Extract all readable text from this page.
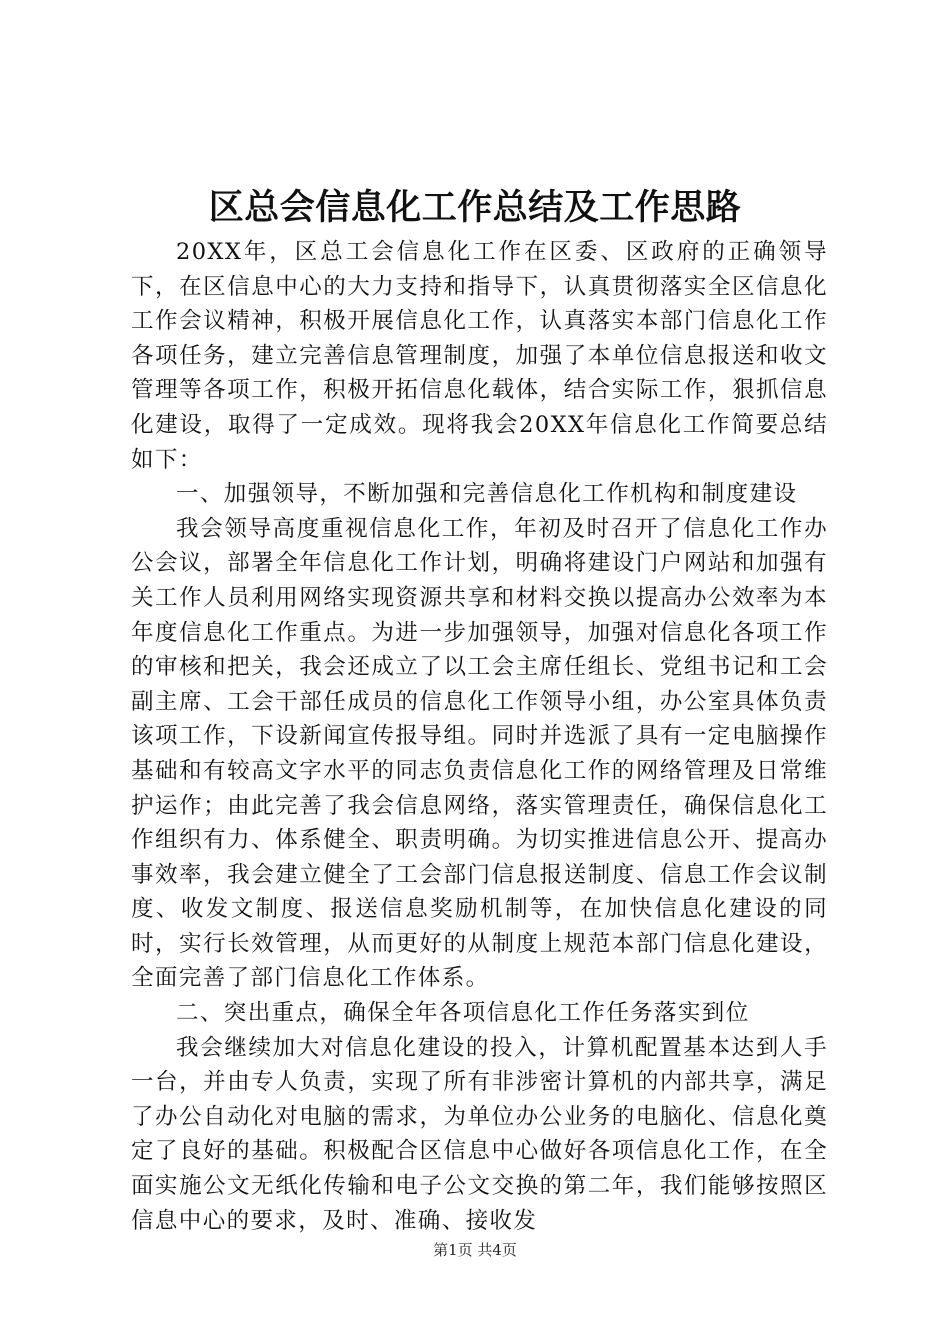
区总会信息化工作总结及工作思路

20XX年，区总工会信息化工作在区委、区政府的正确领导下，在区信息中心的大力支持和指导下，认真贯彻落实全区信息化工作会议精神，积极开展信息化工作，认真落实本部门信息化工作各项任务，建立完善信息管理制度，加强了本单位信息报送和收文管理等各项工作，积极开拓信息化载体，结合实际工作，狠抓信息化建设，取得了一定成效。现将我会20XX年信息化工作简要总结如下：

一、加强领导，不断加强和完善信息化工作机构和制度建设

我会领导高度重视信息化工作，年初及时召开了信息化工作办公会议，部署全年信息化工作计划，明确将建设门户网站和加强有关工作人员利用网络实现资源共享和材料交换以提高办公效率为本年度信息化工作重点。为进一步加强领导，加强对信息化各项工作的审核和把关，我会还成立了以工会主席任组长、党组书记和工会副主席、工会干部任成员的信息化工作领导小组，办公室具体负责该项工作，下设新闻宣传报导组。同时并选派了具有一定电脑操作基础和有较高文字水平的同志负责信息化工作的网络管理及日常维护运作；由此完善了我会信息网络，落实管理责任，确保信息化工作组织有力、体系健全、职责明确。为切实推进信息公开、提高办事效率，我会建立健全了工会部门信息报送制度、信息工作会议制度、收发文制度、报送信息奖励机制等，在加快信息化建设的同时，实行长效管理，从而更好的从制度上规范本部门信息化建设，全面完善了部门信息化工作体系。

二、突出重点，确保全年各项信息化工作任务落实到位

我会继续加大对信息化建设的投入，计算机配置基本达到人手一台，并由专人负责，实现了所有非涉密计算机的内部共享，满足了办公自动化对电脑的需求，为单位办公业务的电脑化、信息化奠定了良好的基础。积极配合区信息中心做好各项信息化工作，在全面实施公文无纸化传输和电子公文交换的第二年，我们能够按照区信息中心的要求，及时、准确、接收发

第1页 共4页
